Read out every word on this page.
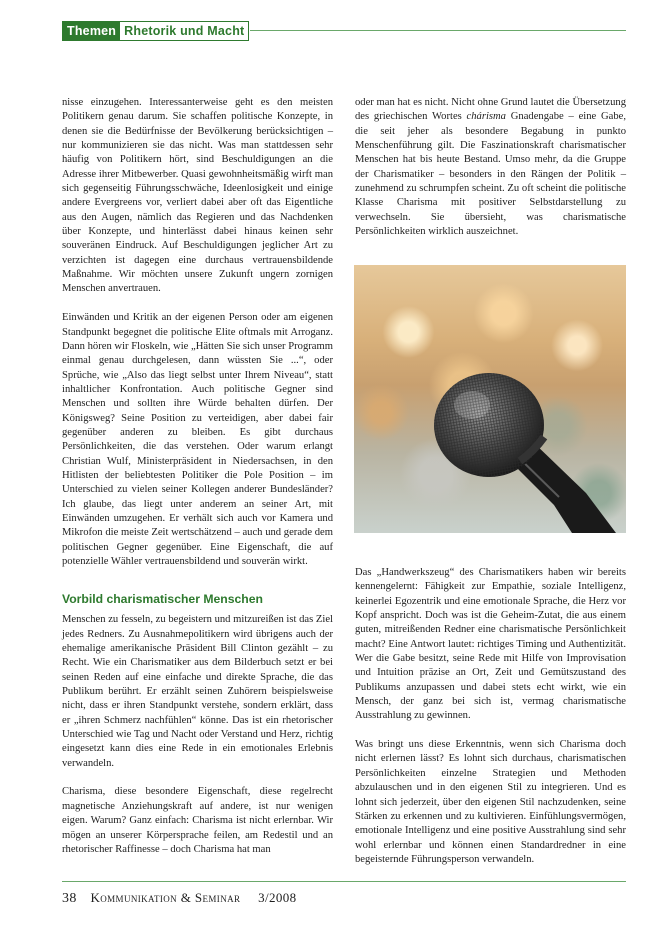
Themen Rhetorik und Macht

nisse einzugehen. Interessanterweise geht es den meisten Politikern genau darum. Sie schaffen politische Konzepte, in denen sie die Bedürfnisse der Bevölkerung berücksichtigen – nur kommunizieren sie das nicht. Was man stattdessen sehr häufig von Politikern hört, sind Beschuldigungen an die Adresse ihrer Mitbewerber. Quasi gewohnheitsmäßig wirft man sich gegenseitig Führungsschwäche, Ideenlosigkeit und einige andere Evergreens vor, verliert dabei aber oft das Eigentliche aus den Augen, nämlich das Regieren und das Nachdenken über Konzepte, und hinterlässt dabei hinaus keinen sehr souveränen Eindruck. Auf Beschuldigungen jeglicher Art zu verzichten ist dagegen eine durchaus vertrauensbildende Maßnahme. Wir möchten unsere Zukunft ungern zornigen Menschen anvertrauen.

Einwänden und Kritik an der eigenen Person oder am eigenen Standpunkt begegnet die politische Elite oftmals mit Arroganz. Dann hören wir Floskeln, wie „Hätten Sie sich unser Programm einmal genau durchgelesen, dann wüssten Sie ...“, oder Sprüche, wie „Also das liegt selbst unter Ihrem Niveau“, statt inhaltlicher Konfrontation. Auch politische Gegner sind Menschen und sollten ihre Würde behalten dürfen. Der Königsweg? Seine Position zu verteidigen, aber dabei fair gegenüber anderen zu bleiben. Es gibt durchaus Persönlichkeiten, die das verstehen. Oder warum erlangt Christian Wulf, Ministerpräsident in Niedersachsen, in den Hitlisten der beliebtesten Politiker die Pole Position – im Unterschied zu vielen seiner Kollegen anderer Bundesländer? Ich glaube, das liegt unter anderem an seiner Art, mit Einwänden umzugehen. Er verhält sich auch vor Kamera und Mikrofon die meiste Zeit wertschätzend – auch und gerade dem politischen Gegner gegenüber. Eine Eigenschaft, die auf potenzielle Wähler vertrauensbildend und souverän wirkt.

Vorbild charismatischer Menschen

Menschen zu fesseln, zu begeistern und mitzureißen ist das Ziel jedes Redners. Zu Ausnahmepolitikern wird übrigens auch der ehemalige amerikanische Präsident Bill Clinton gezählt – zu Recht. Wie ein Charismatiker aus dem Bilderbuch setzt er bei seinen Reden auf eine einfache und direkte Sprache, die das Publikum berührt. Er erzählt seinen Zuhörern beispielsweise nicht, dass er ihren Standpunkt verstehe, sondern erklärt, dass er „ihren Schmerz nachfühlen“ könne. Das ist ein rhetorischer Unterschied wie Tag und Nacht oder Verstand und Herz, richtig eingesetzt kann dies eine Rede in ein emotionales Erlebnis verwandeln.

Charisma, diese besondere Eigenschaft, diese regelrecht magnetische Anziehungskraft auf andere, ist nur wenigen eigen. Warum? Ganz einfach: Charisma ist nicht erlernbar. Wir mögen an unserer Körpersprache feilen, am Redestil und an rhetorischer Raffinesse – doch Charisma hat man

oder man hat es nicht. Nicht ohne Grund lautet die Übersetzung des griechischen Wortes chárisma Gnadengabe – eine Gabe, die seit jeher als besondere Begabung in punkto Menschenführung gilt. Die Faszinationskraft charismatischer Menschen hat bis heute Bestand. Umso mehr, da die Gruppe der Charismatiker – besonders in den Rängen der Politik – zunehmend zu schrumpfen scheint. Zu oft scheint die politische Klasse Charisma mit positiver Selbstdarstellung zu verwechseln. Sie übersieht, was charismatische Persönlichkeiten wirklich auszeichnet.

Das „Handwerkszeug“ des Charismatikers haben wir bereits kennengelernt: Fähigkeit zur Empathie, soziale Intelligenz, keinerlei Egozentrik und eine emotionale Sprache, die Herz vor Kopf anspricht. Doch was ist die Geheim-Zutat, die aus einem guten, mitreißenden Redner eine charismatische Persönlichkeit macht? Eine Antwort lautet: richtiges Timing und Authentizität. Wer die Gabe besitzt, seine Rede mit Hilfe von Improvisation und Intuition präzise an Ort, Zeit und Gemütszustand des Publikums anzupassen und dabei stets echt wirkt, wie ein Mensch, der ganz bei sich ist, vermag charismatische Ausstrahlung zu gewinnen.

Was bringt uns diese Erkenntnis, wenn sich Charisma doch nicht erlernen lässt? Es lohnt sich durchaus, charismatischen Persönlichkeiten einzelne Strategien und Methoden abzulauschen und in den eigenen Stil zu integrieren. Und es lohnt sich jederzeit, über den eigenen Stil nachzudenken, seine Stärken zu erkennen und zu kultivieren. Einfühlungsvermögen, emotionale Intelligenz und eine positive Ausstrahlung sind sehr wohl erlernbar und können einen Standardredner in eine begeisternde Führungsperson verwandeln.

38 Kommunikation & Seminar 3/2008
